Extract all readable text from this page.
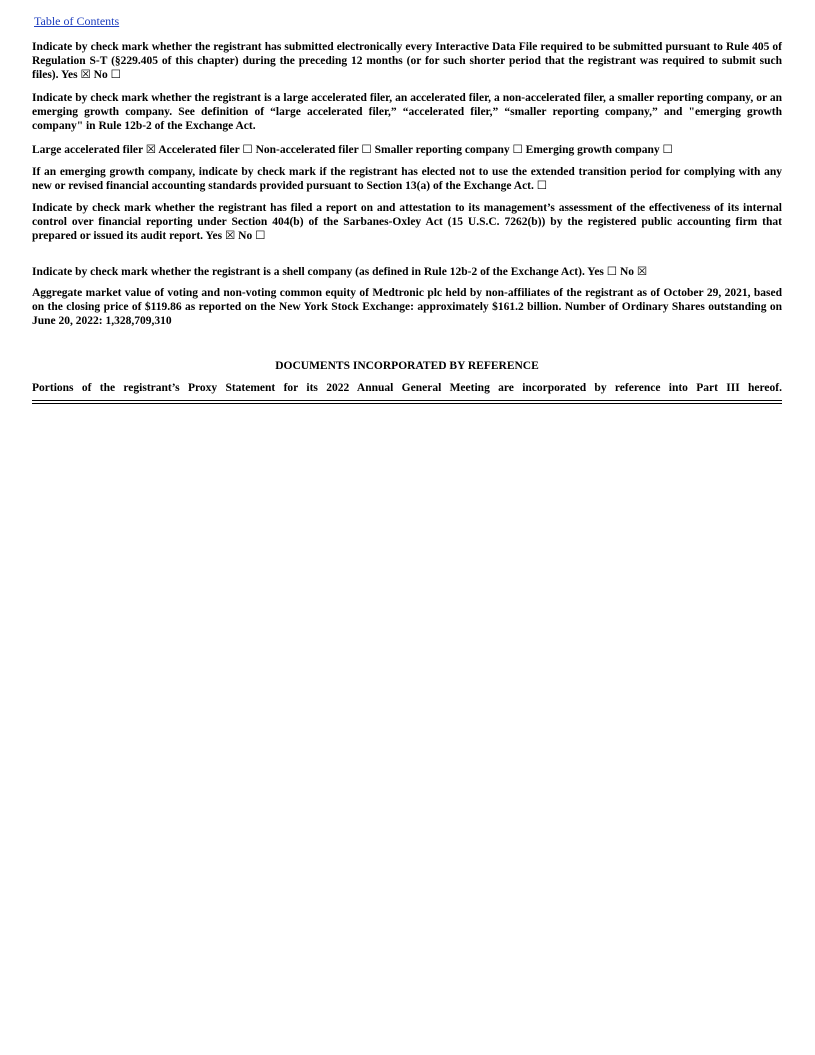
Table of Contents

Indicate by check mark whether the registrant has submitted electronically every Interactive Data File required to be submitted pursuant to Rule 405 of Regulation S-T (§229.405 of this chapter) during the preceding 12 months (or for such shorter period that the registrant was required to submit such files). Yes ☒ No ☐

Indicate by check mark whether the registrant is a large accelerated filer, an accelerated filer, a non-accelerated filer, a smaller reporting company, or an emerging growth company. See definition of “large accelerated filer,” “accelerated filer,” “smaller reporting company,” and "emerging growth company" in Rule 12b-2 of the Exchange Act.

Large accelerated filer ☒ Accelerated filer ☐ Non-accelerated filer ☐ Smaller reporting company ☐ Emerging growth company ☐

If an emerging growth company, indicate by check mark if the registrant has elected not to use the extended transition period for complying with any new or revised financial accounting standards provided pursuant to Section 13(a) of the Exchange Act. ☐

Indicate by check mark whether the registrant has filed a report on and attestation to its management’s assessment of the effectiveness of its internal control over financial reporting under Section 404(b) of the Sarbanes-Oxley Act (15 U.S.C. 7262(b)) by the registered public accounting firm that prepared or issued its audit report. Yes ☒ No ☐

Indicate by check mark whether the registrant is a shell company (as defined in Rule 12b-2 of the Exchange Act). Yes ☐ No ☒

Aggregate market value of voting and non-voting common equity of Medtronic plc held by non-affiliates of the registrant as of October 29, 2021, based on the closing price of $119.86 as reported on the New York Stock Exchange: approximately $161.2 billion. Number of Ordinary Shares outstanding on June 20, 2022: 1,328,709,310

DOCUMENTS INCORPORATED BY REFERENCE

Portions of the registrant’s Proxy Statement for its 2022 Annual General Meeting are incorporated by reference into Part III hereof.
